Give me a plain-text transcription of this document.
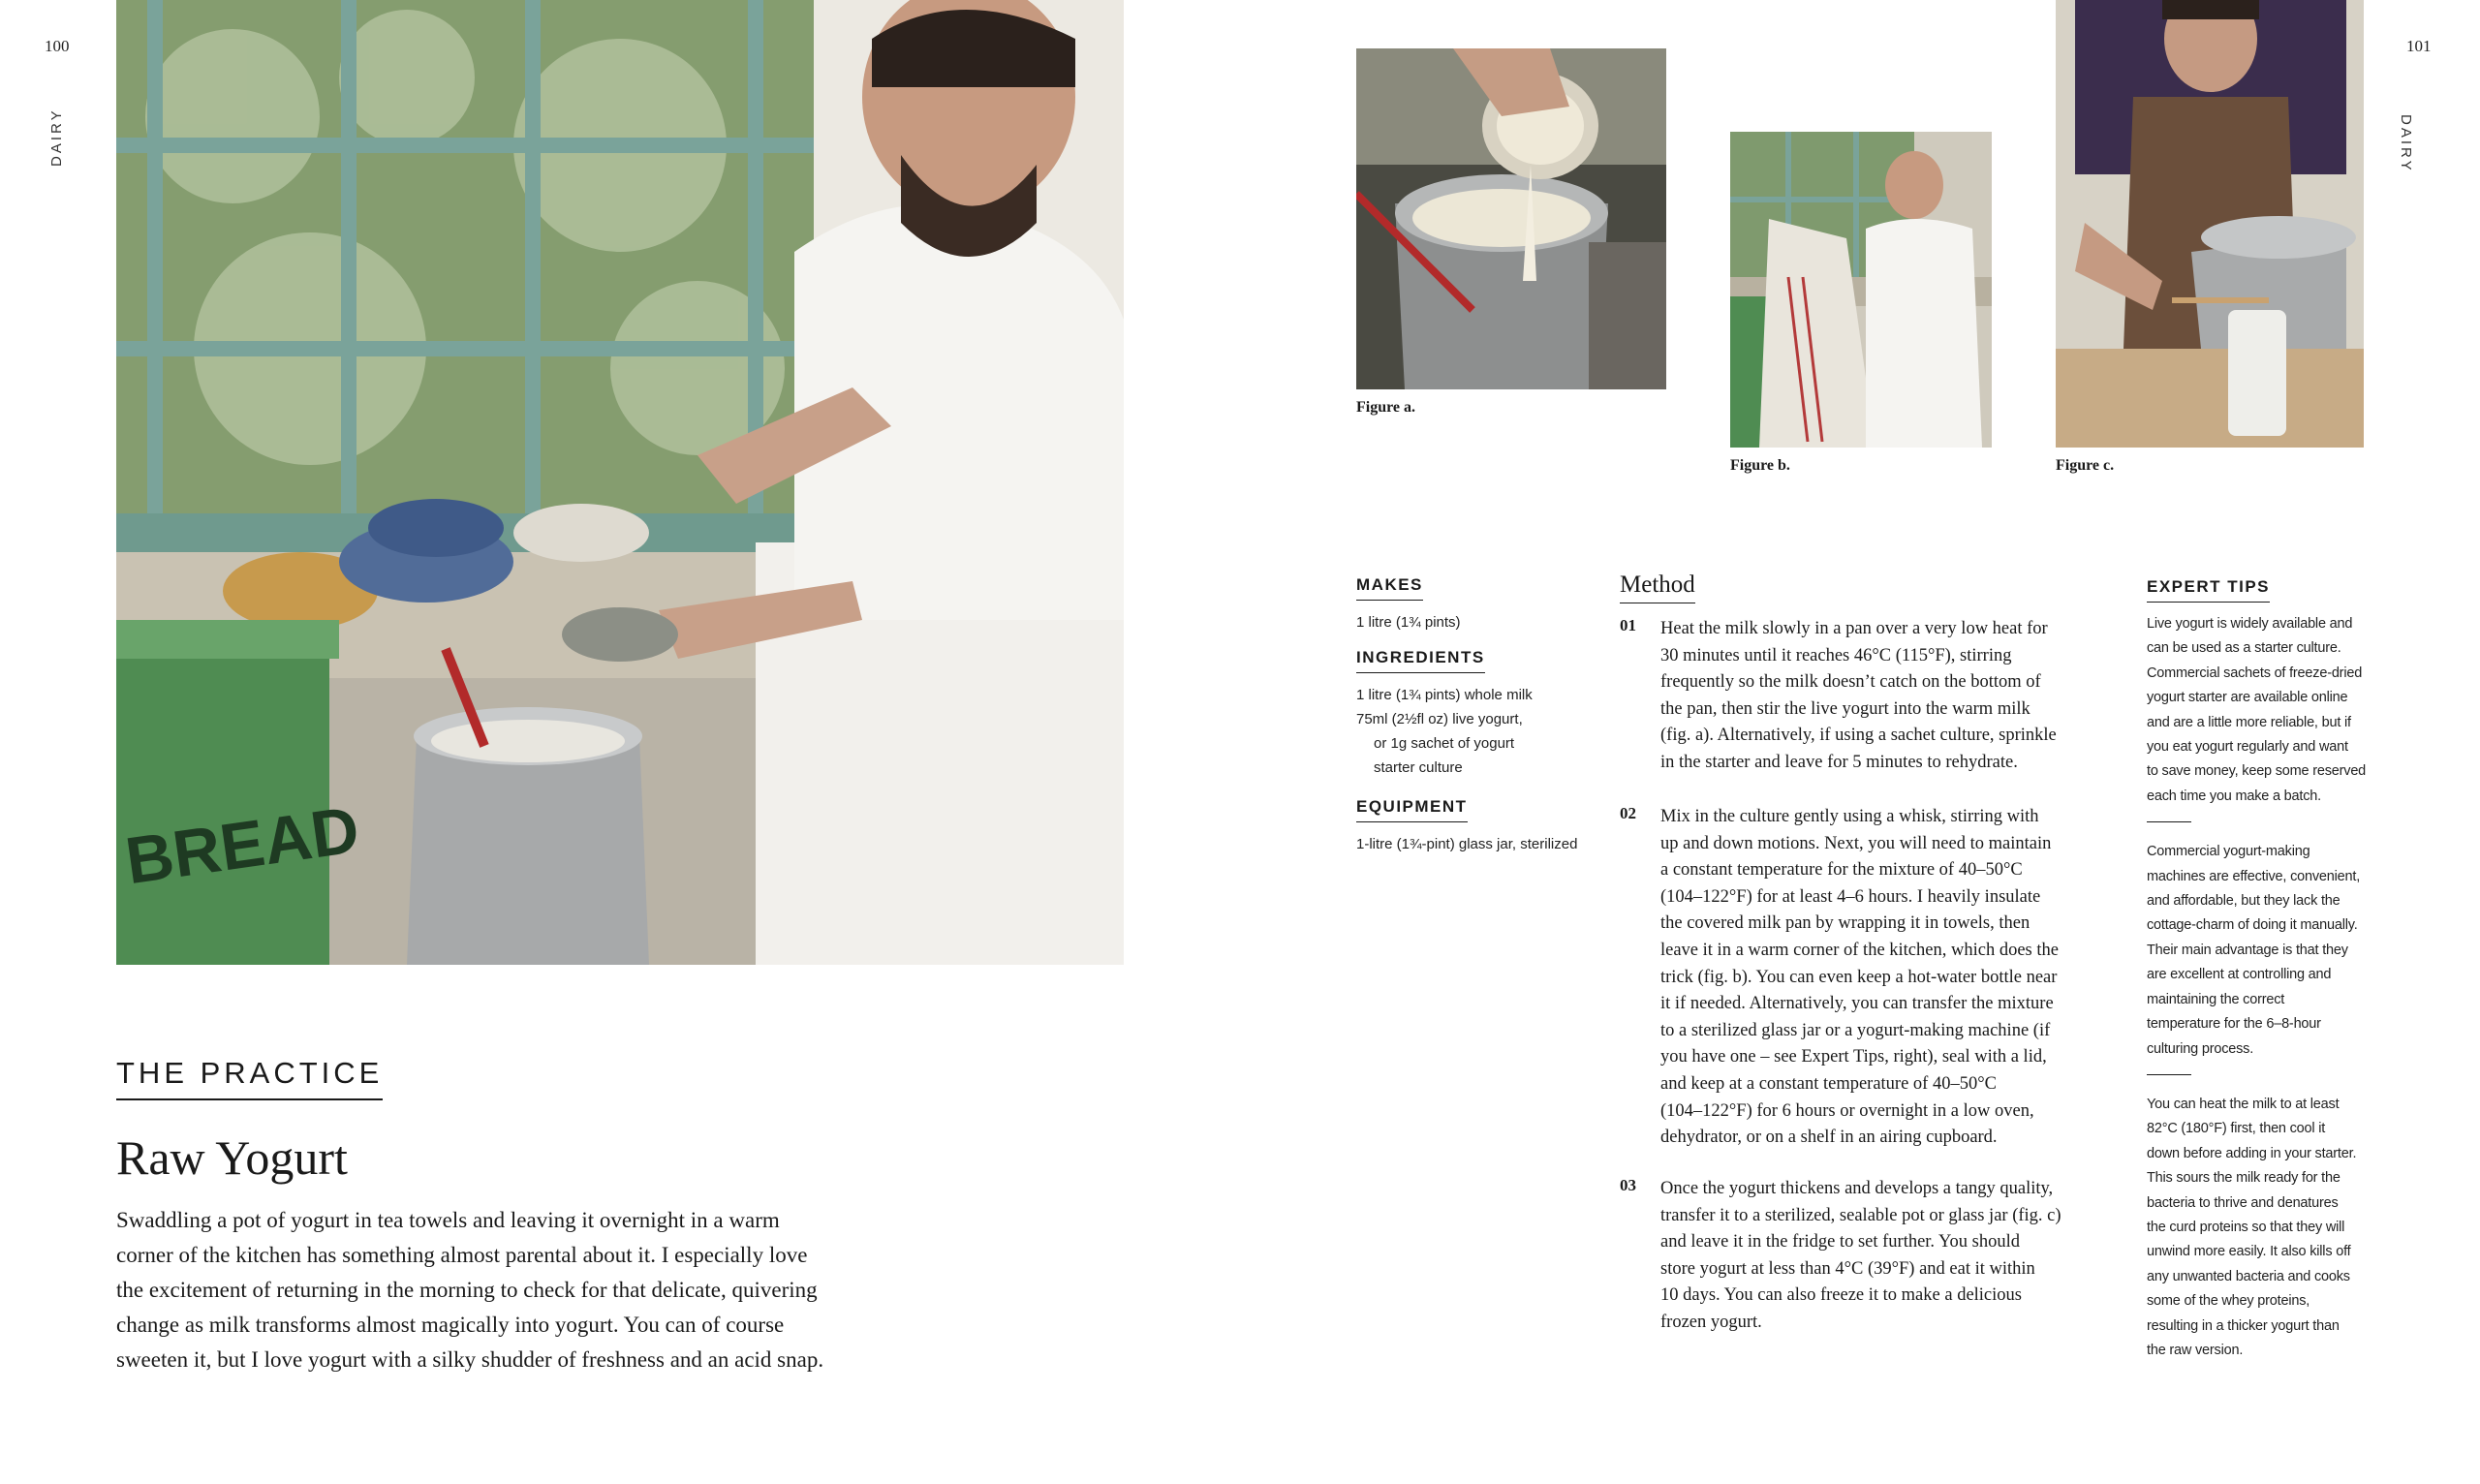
100
DAIRY
BREAD
THE PRACTICE
Raw Yogurt
Swaddling a pot of yogurt in tea towels and leaving it overnight in a warm
corner of the kitchen has something almost parental about it. I especially love
the excitement of returning in the morning to check for that delicate, quivering
change as milk transforms almost magically into yogurt. You can of course
sweeten it, but I love yogurt with a silky shudder of freshness and an acid snap.
101
DAIRY
Figure a.
Figure b.	Figure c.
MAKES
1 litre (1¾ pints)
INGREDIENTS
1 litre (1¾ pints) whole milk
75ml (2½fl oz) live yogurt,
or 1g sachet of yogurt
starter culture
EQUIPMENT
1-litre (1¾-pint) glass jar, sterilized
Method
01 Heat the milk slowly in a pan over a very low heat for
30 minutes until it reaches 46°C (115°F), stirring
frequently so the milk doesn’t catch on the bottom of
the pan, then stir the live yogurt into the warm milk
(fig. a). Alternatively, if using a sachet culture, sprinkle
in the starter and leave for 5 minutes to rehydrate.
02 Mix in the culture gently using a whisk, stirring with
up and down motions. Next, you will need to maintain
a constant temperature for the mixture of 40–50°C
(104–122°F) for at least 4–6 hours. I heavily insulate
the covered milk pan by wrapping it in towels, then
leave it in a warm corner of the kitchen, which does the
trick (fig. b). You can even keep a hot-water bottle near
it if needed. Alternatively, you can transfer the mixture
to a sterilized glass jar or a yogurt-making machine (if
you have one – see Expert Tips, right), seal with a lid,
and keep at a constant temperature of 40–50°C
(104–122°F) for 6 hours or overnight in a low oven,
dehydrator, or on a shelf in an airing cupboard.
03 Once the yogurt thickens and develops a tangy quality,
transfer it to a sterilized, sealable pot or glass jar (fig. c)
and leave it in the fridge to set further. You should
store yogurt at less than 4°C (39°F) and eat it within
10 days. You can also freeze it to make a delicious
frozen yogurt.
EXPERT TIPS
Live yogurt is widely available and
can be used as a starter culture.
Commercial sachets of freeze-dried
yogurt starter are available online
and are a little more reliable, but if
you eat yogurt regularly and want
to save money, keep some reserved
each time you make a batch.
Commercial yogurt-making
machines are effective, convenient,
and affordable, but they lack the
cottage-charm of doing it manually.
Their main advantage is that they
are excellent at controlling and
maintaining the correct
temperature for the 6–8-hour
culturing process.
You can heat the milk to at least
82°C (180°F) first, then cool it
down before adding in your starter.
This sours the milk ready for the
bacteria to thrive and denatures
the curd proteins so that they will
unwind more easily. It also kills off
any unwanted bacteria and cooks
some of the whey proteins,
resulting in a thicker yogurt than
the raw version.
